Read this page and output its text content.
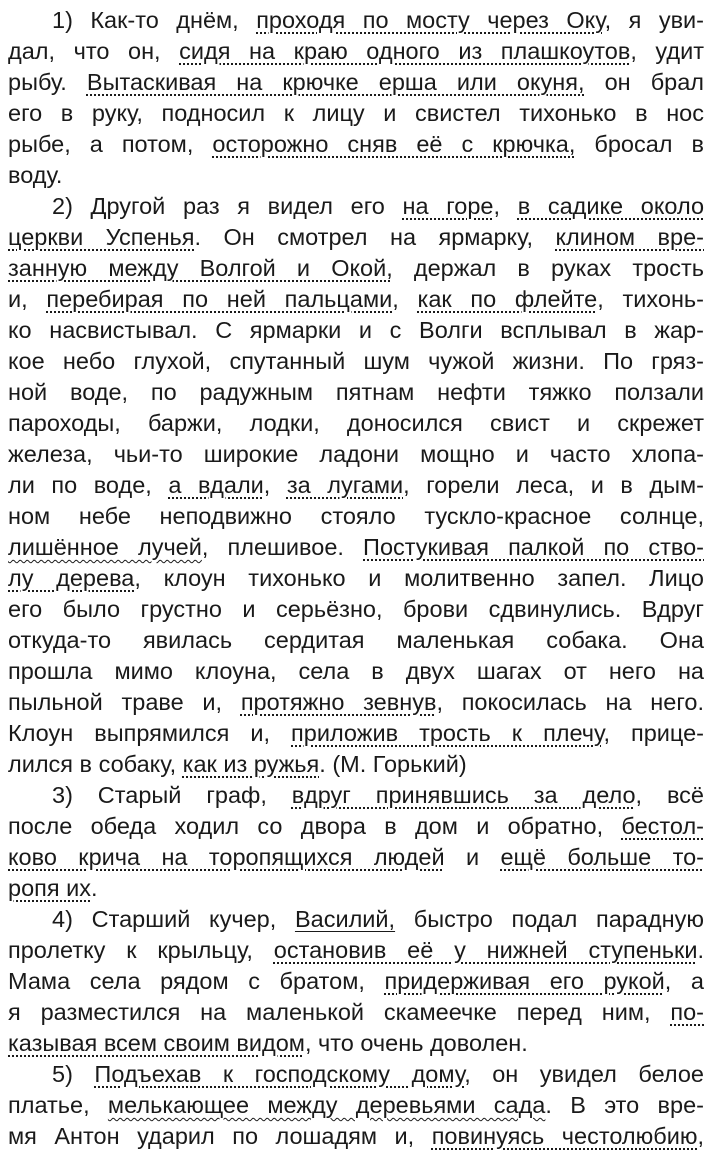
1) Как-то днём, проходя по мосту через Оку, я уви-
дал, что он, сидя на краю одного из плашкоутов, удит
рыбу. Вытаскивая на крючке ерша или окуня, он брал
его в руку, подносил к лицу и свистел тихонько в нос
рыбе, а потом, осторожно сняв её с крючка, бросал в
воду.
2) Другой раз я видел его на горе, в садике около
церкви Успенья. Он смотрел на ярмарку, клином вре-
занную между Волгой и Окой, держал в руках трость
и, перебирая по ней пальцами, как по флейте, тихонь-
ко насвистывал. С ярмарки и с Волги всплывал в жар-
кое небо глухой, спутанный шум чужой жизни. По гряз-
ной воде, по радужным пятнам нефти тяжко ползали
пароходы, баржи, лодки, доносился свист и скрежет
железа, чьи-то широкие ладони мощно и часто хлопа-
ли по воде, а вдали, за лугами, горели леса, и в дым-
ном небе неподвижно стояло тускло-красное солнце,
лишённое лучей, плешивое. Постукивая палкой по ство-
лу дерева, клоун тихонько и молитвенно запел. Лицо
его было грустно и серьёзно, брови сдвинулись. Вдруг
откуда-то явилась сердитая маленькая собака. Она
прошла мимо клоуна, села в двух шагах от него на
пыльной траве и, протяжно зевнув, покосилась на него.
Клоун выпрямился и, приложив трость к плечу, прице-
лился в собаку, как из ружья. (М. Горький)
3) Старый граф, вдруг принявшись за дело, всё
после обеда ходил со двора в дом и обратно, бестол-
ково крича на торопящихся людей и ещё больше то-
ропя их.
4) Старший кучер, Василий, быстро подал парадную
пролетку к крыльцу, остановив её у нижней ступеньки.
Мама села рядом с братом, придерживая его рукой, а
я разместился на маленькой скамеечке перед ним, по-
казывая всем своим видом, что очень доволен.
5) Подъехав к господскому дому, он увидел белое
платье, мелькающее между деревьями сада. В это вре-
мя Антон ударил по лошадям и, повинуясь честолюбию,
